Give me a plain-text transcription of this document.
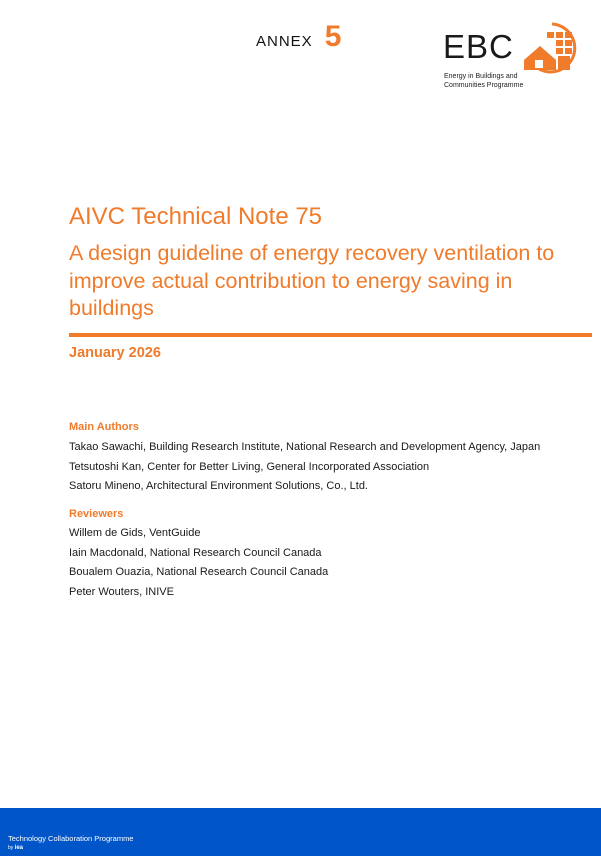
ANNEX 5	EBC
Energy in Buildings and
Communities Programme
AIVC Technical Note 75
A design guideline of energy recovery ventilation to improve actual contribution to energy saving in buildings
January 2026
Main Authors
Takao Sawachi, Building Research Institute, National Research and Development Agency, Japan
Tetsutoshi Kan, Center for Better Living, General Incorporated Association
Satoru Mineno, Architectural Environment Solutions, Co., Ltd.
Reviewers
Willem de Gids, VentGuide
Iain Macdonald, National Research Council Canada
Boualem Ouazia, National Research Council Canada
Peter Wouters, INIVE
Technology Collaboration Programme
by iea
